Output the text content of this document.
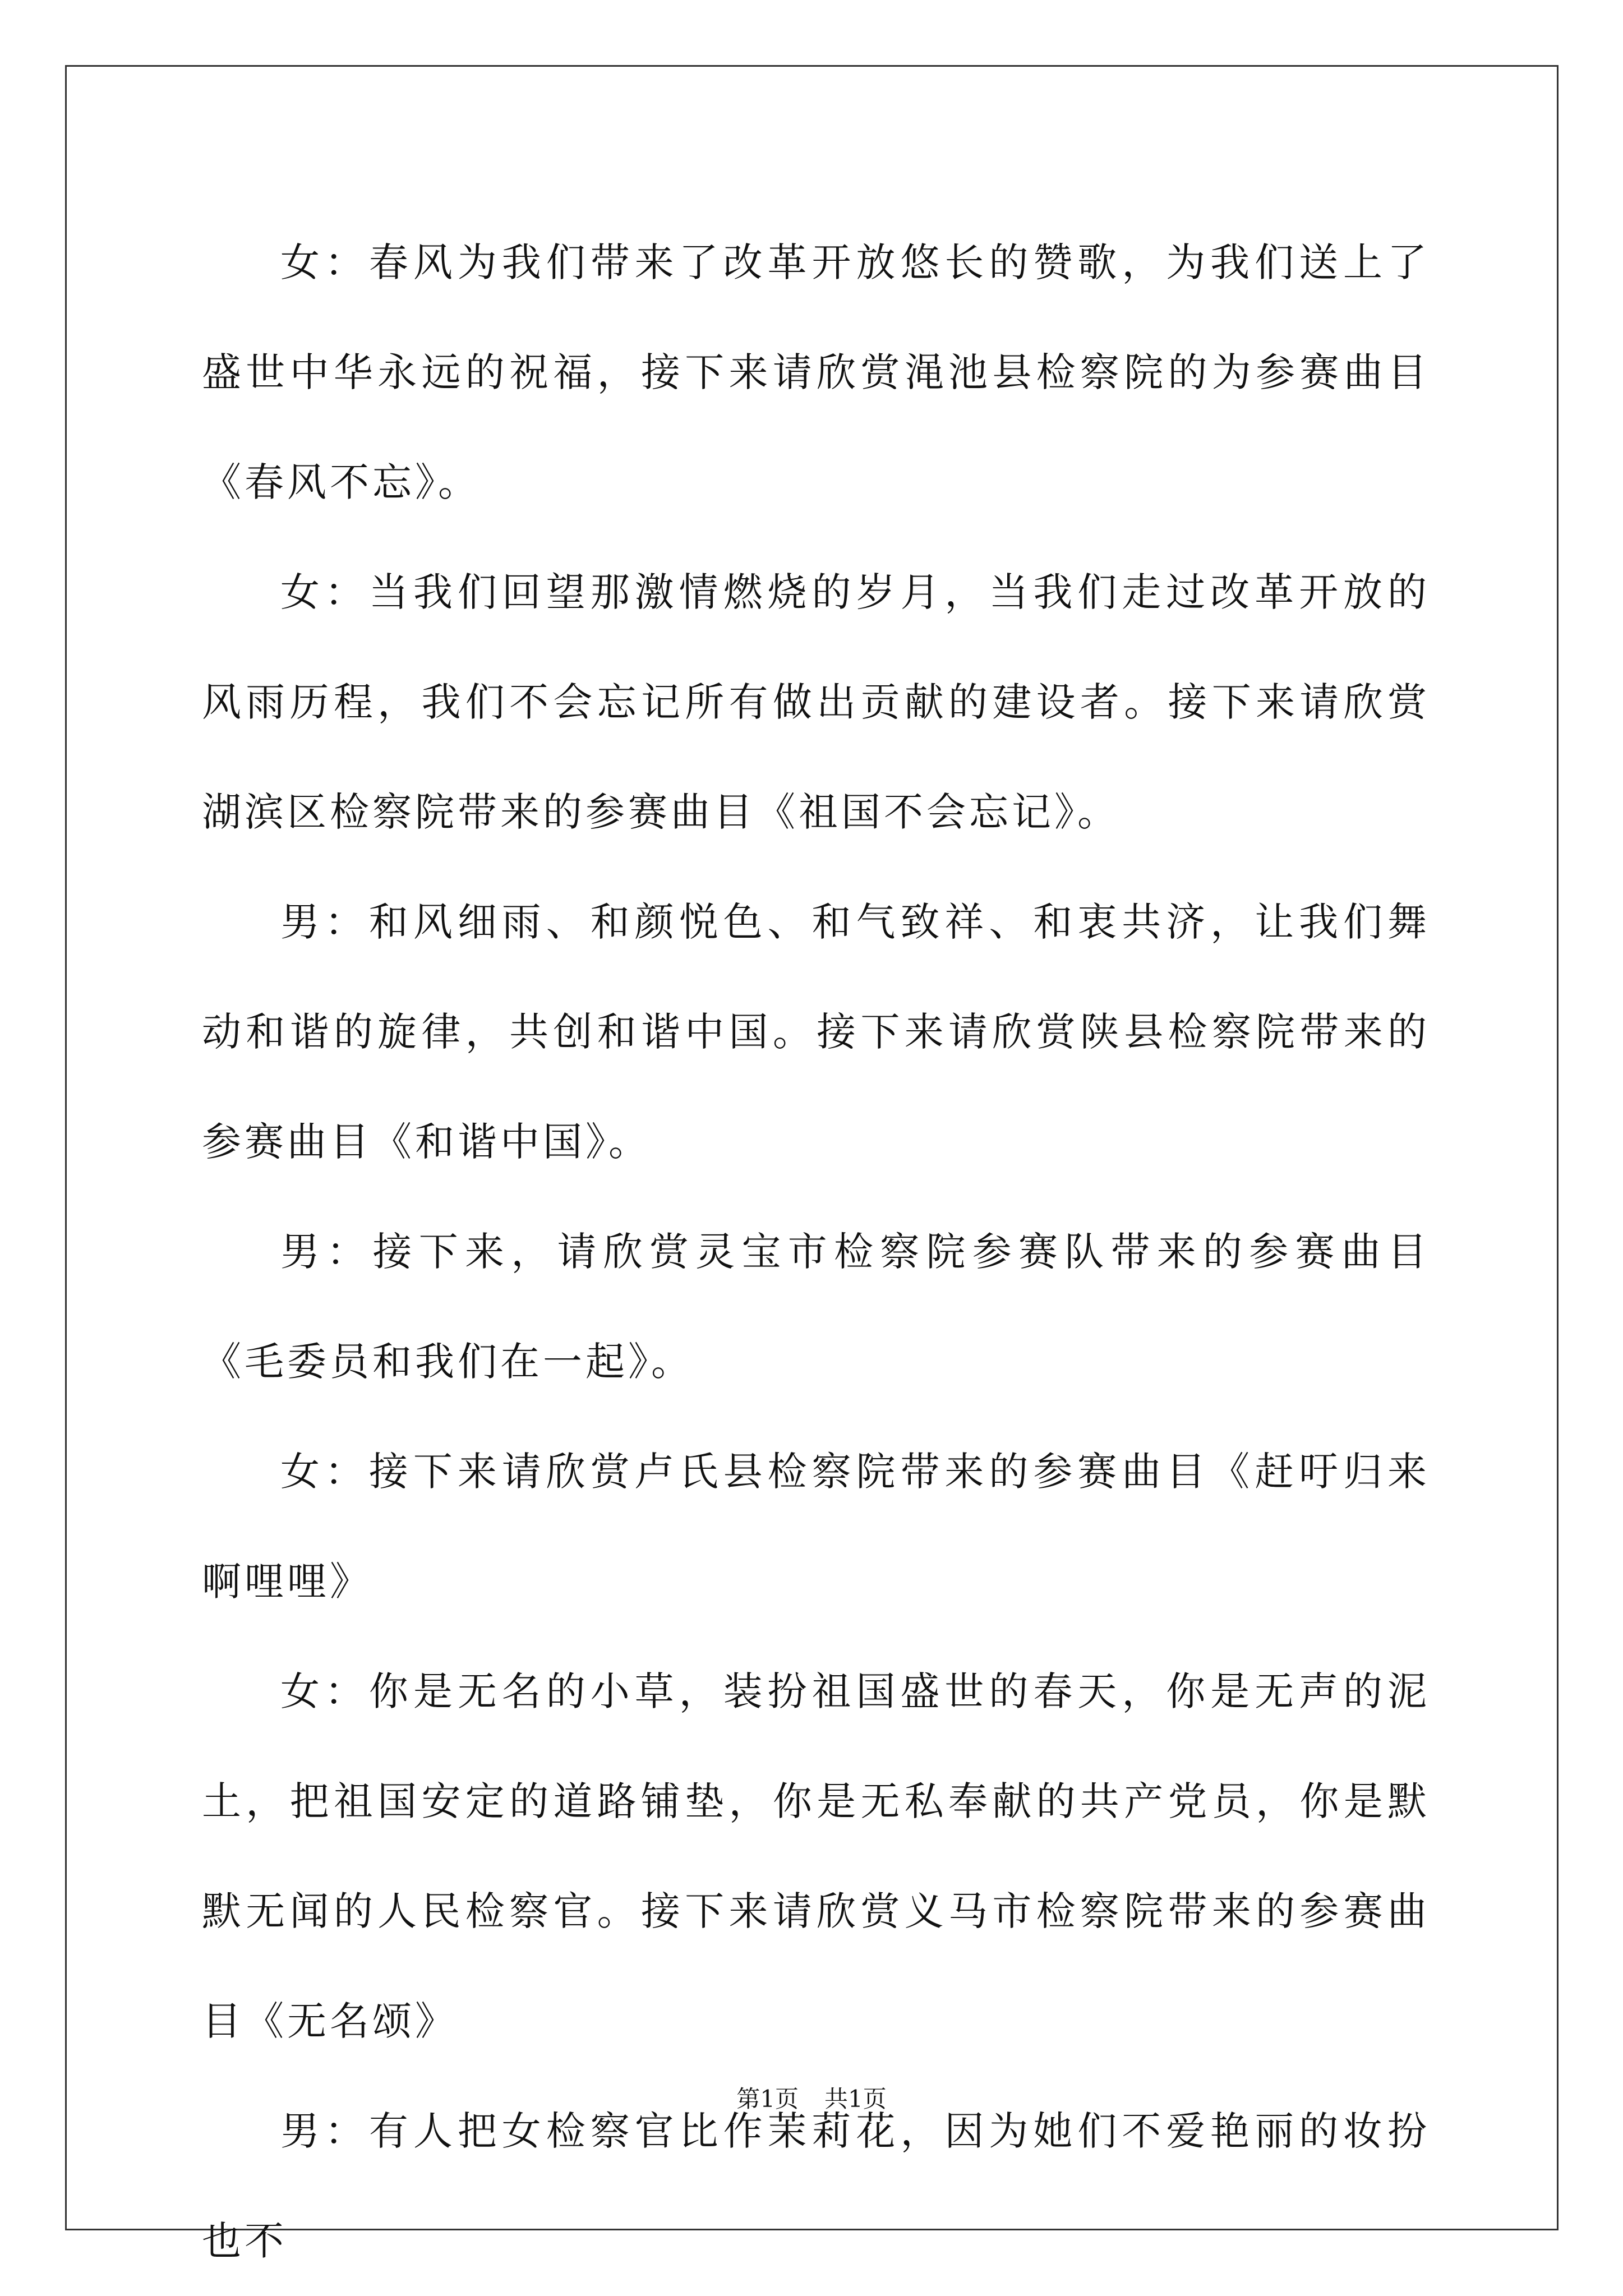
女：春风为我们带来了改革开放悠长的赞歌，为我们送上了盛世中华永远的祝福，接下来请欣赏渑池县检察院的为参赛曲目《春风不忘》。

女：当我们回望那激情燃烧的岁月，当我们走过改革开放的风雨历程，我们不会忘记所有做出贡献的建设者。接下来请欣赏湖滨区检察院带来的参赛曲目《祖国不会忘记》。

男：和风细雨、和颜悦色、和气致祥、和衷共济，让我们舞动和谐的旋律，共创和谐中国。接下来请欣赏陕县检察院带来的参赛曲目《和谐中国》。

男：接下来，请欣赏灵宝市检察院参赛队带来的参赛曲目《毛委员和我们在一起》。

女：接下来请欣赏卢氏县检察院带来的参赛曲目《赶吁归来啊哩哩》

女：你是无名的小草，装扮祖国盛世的春天，你是无声的泥土，把祖国安定的道路铺垫，你是无私奉献的共产党员，你是默默无闻的人民检察官。接下来请欣赏义马市检察院带来的参赛曲目《无名颂》

男：有人把女检察官比作茉莉花，因为她们不爱艳丽的妆扮也不

第1页 共1页
